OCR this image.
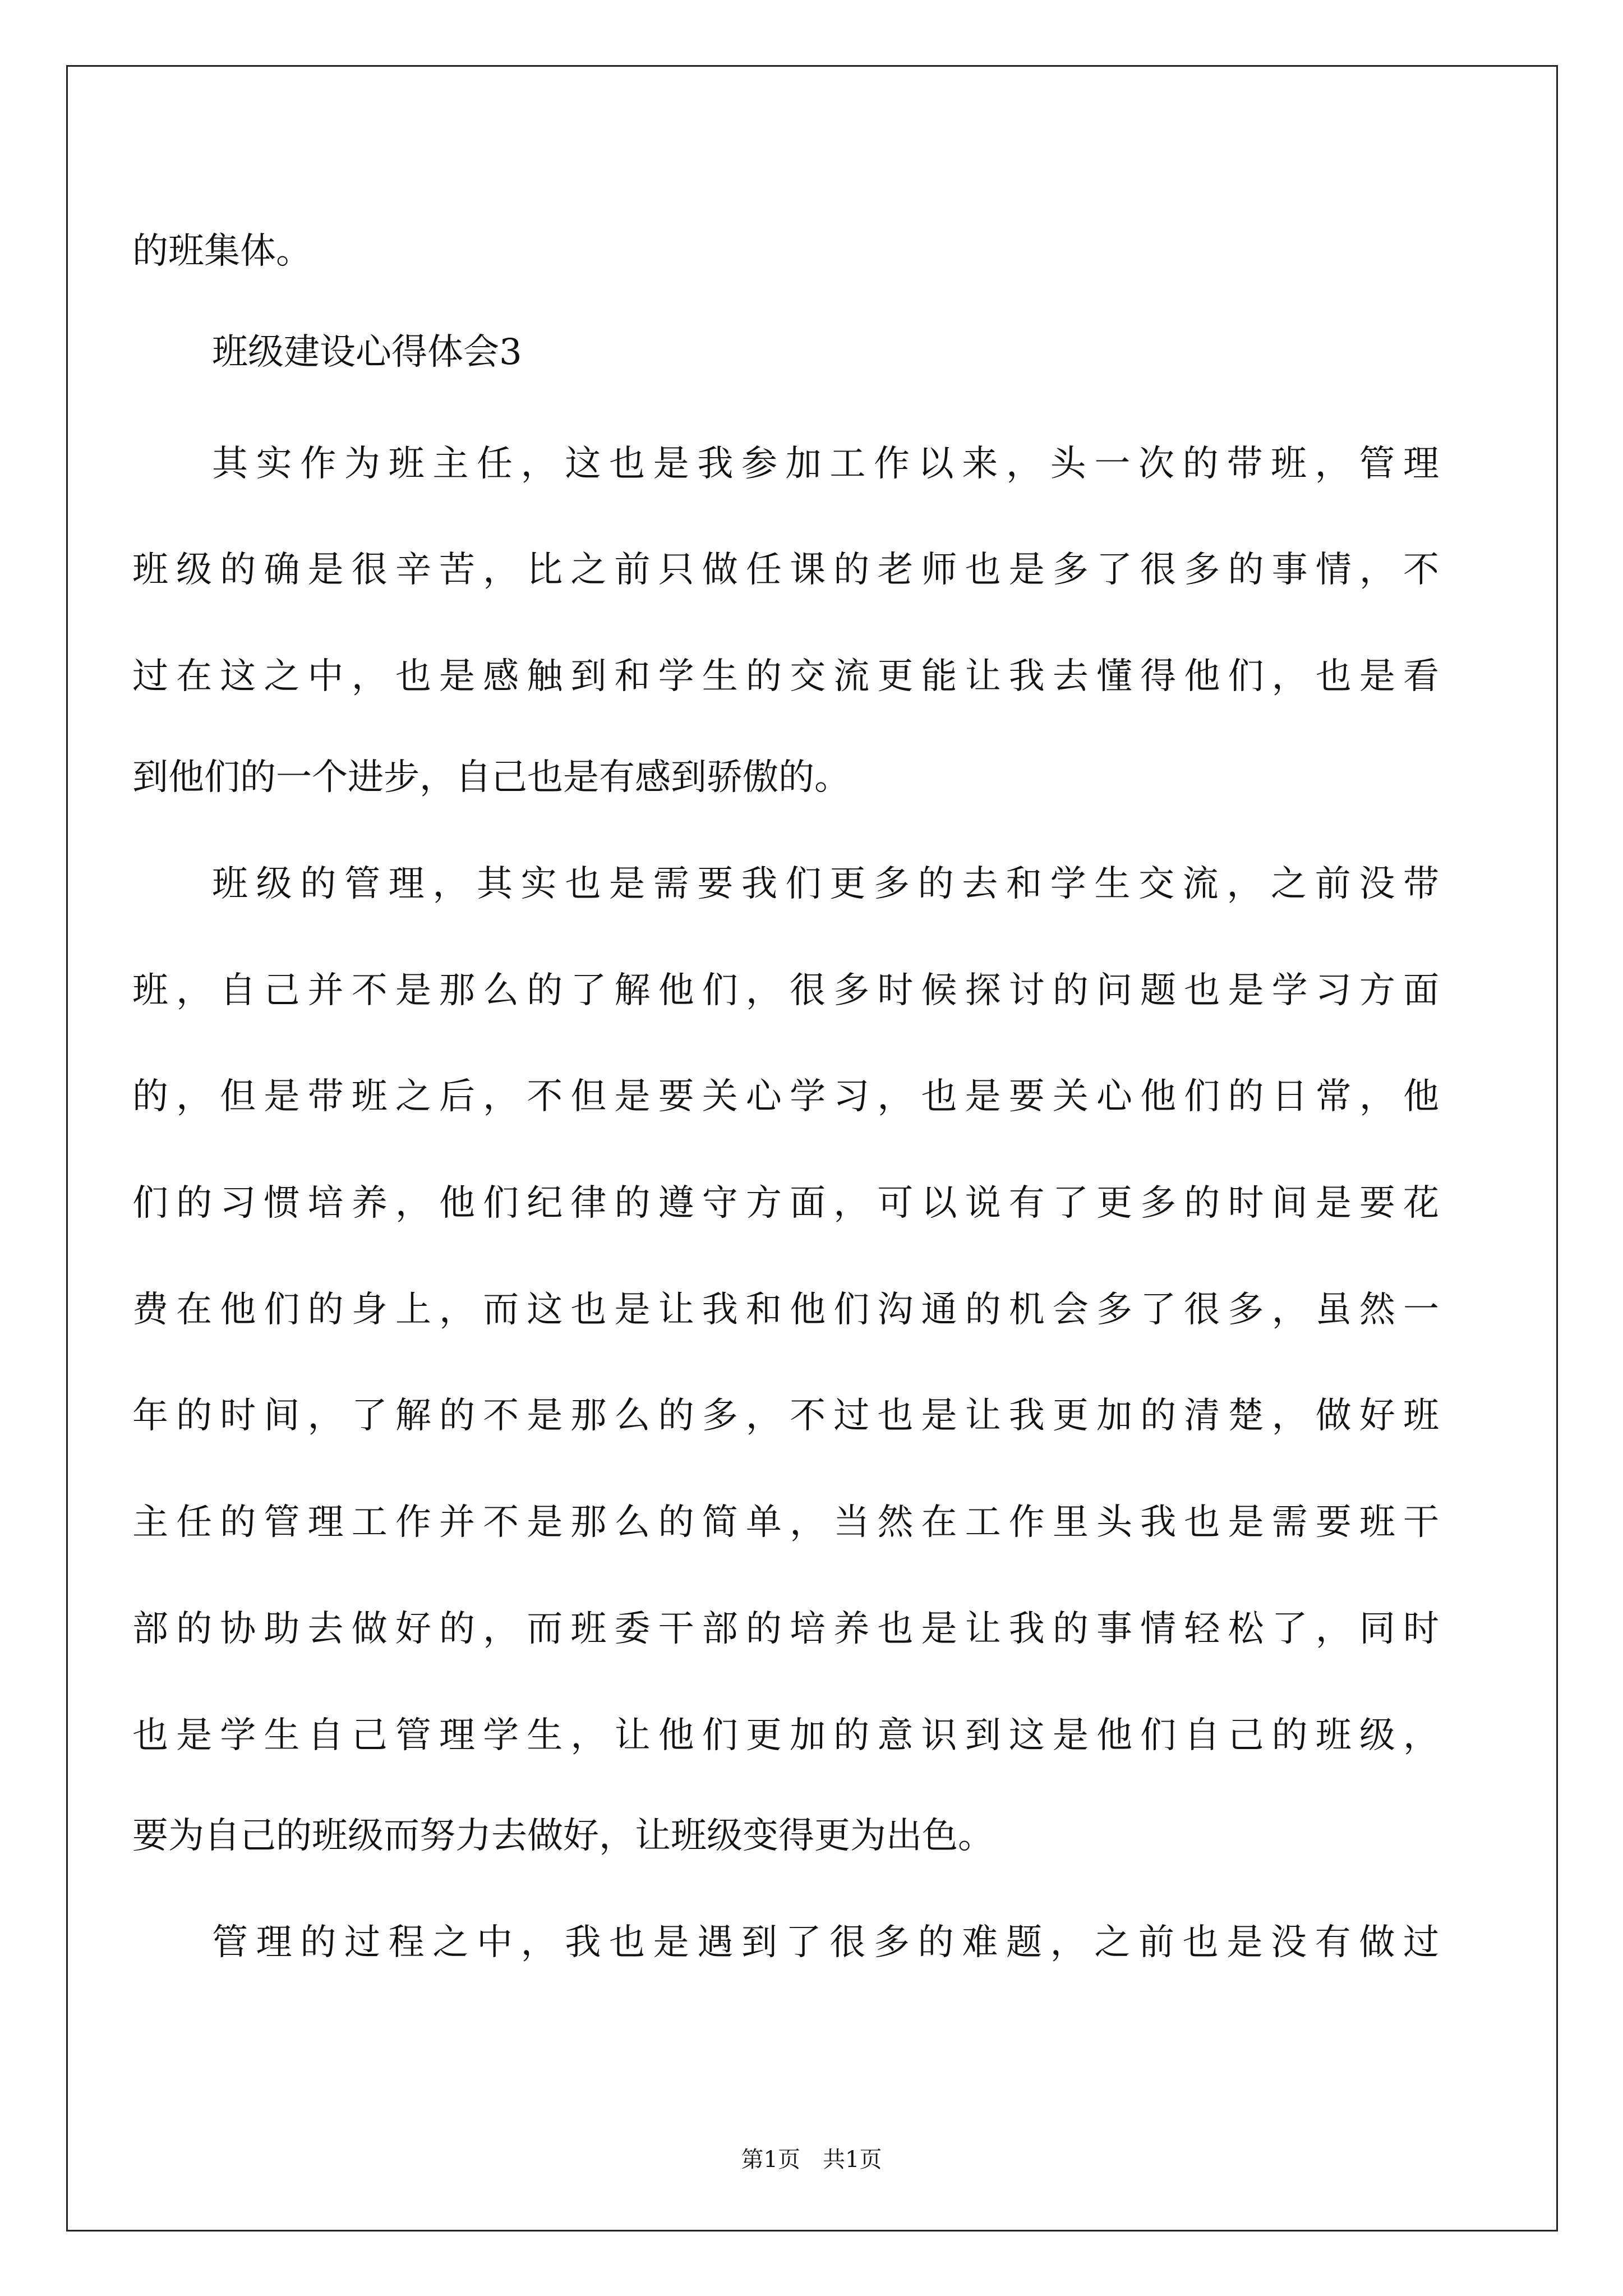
的班集体。
班级建设心得体会3
其实作为班主任，这也是我参加工作以来，头一次的带班，管理
班级的确是很辛苦，比之前只做任课的老师也是多了很多的事情，不
过在这之中，也是感触到和学生的交流更能让我去懂得他们，也是看
到他们的一个进步，自己也是有感到骄傲的。
班级的管理，其实也是需要我们更多的去和学生交流，之前没带
班，自己并不是那么的了解他们，很多时候探讨的问题也是学习方面
的，但是带班之后，不但是要关心学习，也是要关心他们的日常，他
们的习惯培养，他们纪律的遵守方面，可以说有了更多的时间是要花
费在他们的身上，而这也是让我和他们沟通的机会多了很多，虽然一
年的时间，了解的不是那么的多，不过也是让我更加的清楚，做好班
主任的管理工作并不是那么的简单，当然在工作里头我也是需要班干
部的协助去做好的，而班委干部的培养也是让我的事情轻松了，同时
也是学生自己管理学生，让他们更加的意识到这是他们自己的班级，
要为自己的班级而努力去做好，让班级变得更为出色。
管理的过程之中，我也是遇到了很多的难题，之前也是没有做过
第1页　共1页
